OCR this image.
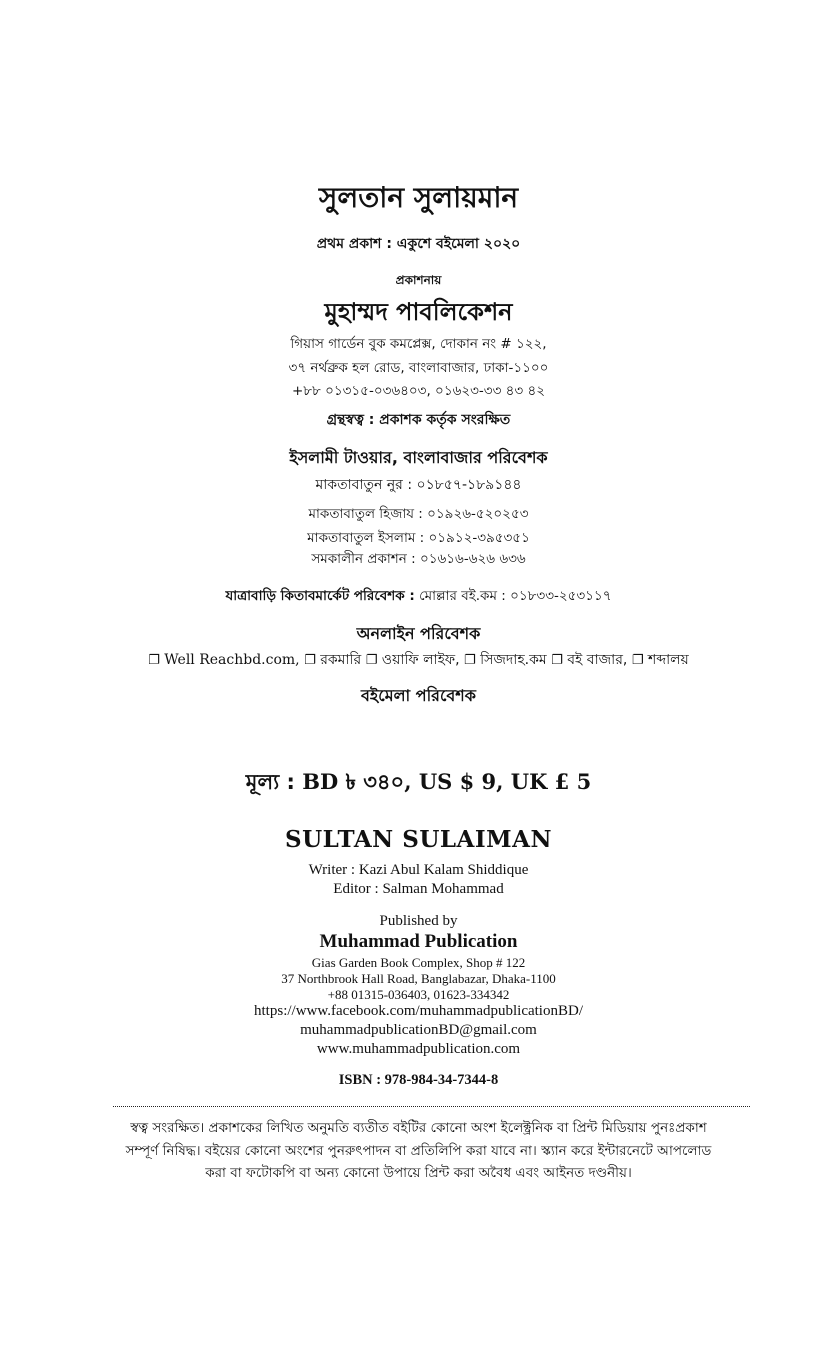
সুলতান সুলায়মান
প্রথম প্রকাশ : একুশে বইমেলা ২০২০
প্রকাশনায়
মুহাম্মদ পাবলিকেশন
গিয়াস গার্ডেন বুক কমপ্লেক্স, দোকান নং # ১২২,
৩৭ নর্থব্রুক হল রোড, বাংলাবাজার, ঢাকা-১১০০
+৮৮ ০১৩১৫-০৩৬৪০৩, ০১৬২৩-৩৩ ৪৩ ৪২
গ্রন্থস্বত্ব : প্রকাশক কর্তৃক সংরক্ষিত
ইসলামী টাওয়ার, বাংলাবাজার পরিবেশক
মাকতাবাতুন নুর : ০১৮৫৭-১৮৯১৪৪
মাকতাবাতুল হিজায : ০১৯২৬-৫২০২৫৩
মাকতাবাতুল ইসলাম : ০১৯১২-৩৯৫৩৫১
সমকালীন প্রকাশন : ০১৬১৬-৬২৬ ৬৩৬
যাত্রাবাড়ি কিতাবমার্কেট পরিবেশক : মোল্লার বই.কম : ০১৮৩৩-২৫৩১১৭
অনলাইন পরিবেশক
❐ Well Reachbd.com, ❐ রকমারি ❐ ওয়াফি লাইফ, ❐ সিজদাহ.কম ❐ বই বাজার, ❐ শব্দালয়
বইমেলা পরিবেশক
মূল্য : BD ৳ ৩৪০, US $ 9, UK £ 5
SULTAN SULAIMAN
Writer : Kazi Abul Kalam Shiddique
Editor : Salman Mohammad
Published by
Muhammad Publication
Gias Garden Book Complex, Shop # 122
37 Northbrook Hall Road, Banglabazar, Dhaka-1100
+88 01315-036403, 01623-334342
https://www.facebook.com/muhammadpublicationBD/
muhammadpublicationBD@gmail.com
www.muhammadpublication.com
ISBN : 978-984-34-7344-8
স্বত্ব সংরক্ষিত। প্রকাশকের লিখিত অনুমতি ব্যতীত বইটির কোনো অংশ ইলেক্ট্রনিক বা প্রিন্ট মিডিয়ায় পুনঃপ্রকাশ
সম্পূর্ণ নিষিদ্ধ। বইয়ের কোনো অংশের পুনরুৎপাদন বা প্রতিলিপি করা যাবে না। স্ক্যান করে ইন্টারনেটে আপলোড
করা বা ফটোকপি বা অন্য কোনো উপায়ে প্রিন্ট করা অবৈধ এবং আইনত দণ্ডনীয়।
